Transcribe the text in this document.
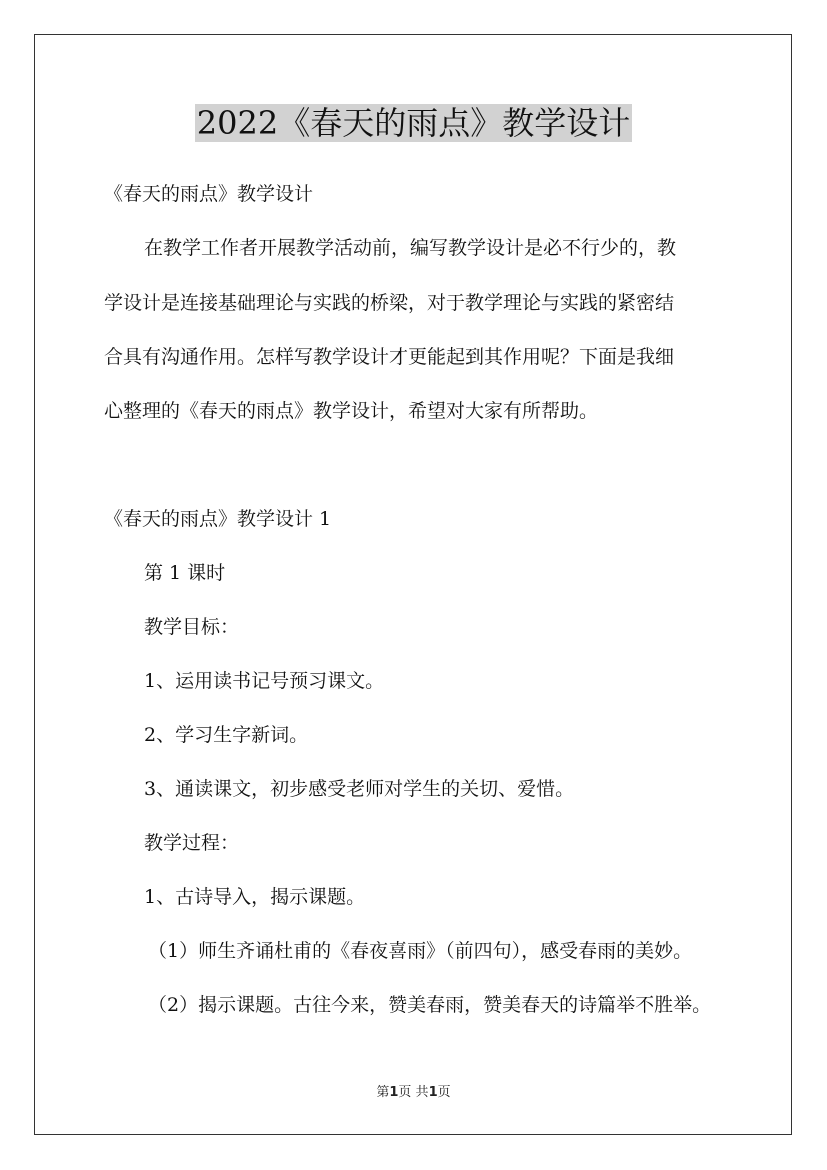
2022《春天的雨点》教学设计

《春天的雨点》教学设计

在教学工作者开展教学活动前，编写教学设计是必不行少的，教

学设计是连接基础理论与实践的桥梁，对于教学理论与实践的紧密结

合具有沟通作用。怎样写教学设计才更能起到其作用呢？下面是我细

心整理的《春天的雨点》教学设计，希望对大家有所帮助。

《春天的雨点》教学设计 1

第 1 课时

教学目标：

1、运用读书记号预习课文。

2、学习生字新词。

3、通读课文，初步感受老师对学生的关切、爱惜。

教学过程：

1、古诗导入，揭示课题。

（1）师生齐诵杜甫的《春夜喜雨》（前四句），感受春雨的美妙。

（2）揭示课题。古往今来，赞美春雨，赞美春天的诗篇举不胜举。

第1页 共1页
